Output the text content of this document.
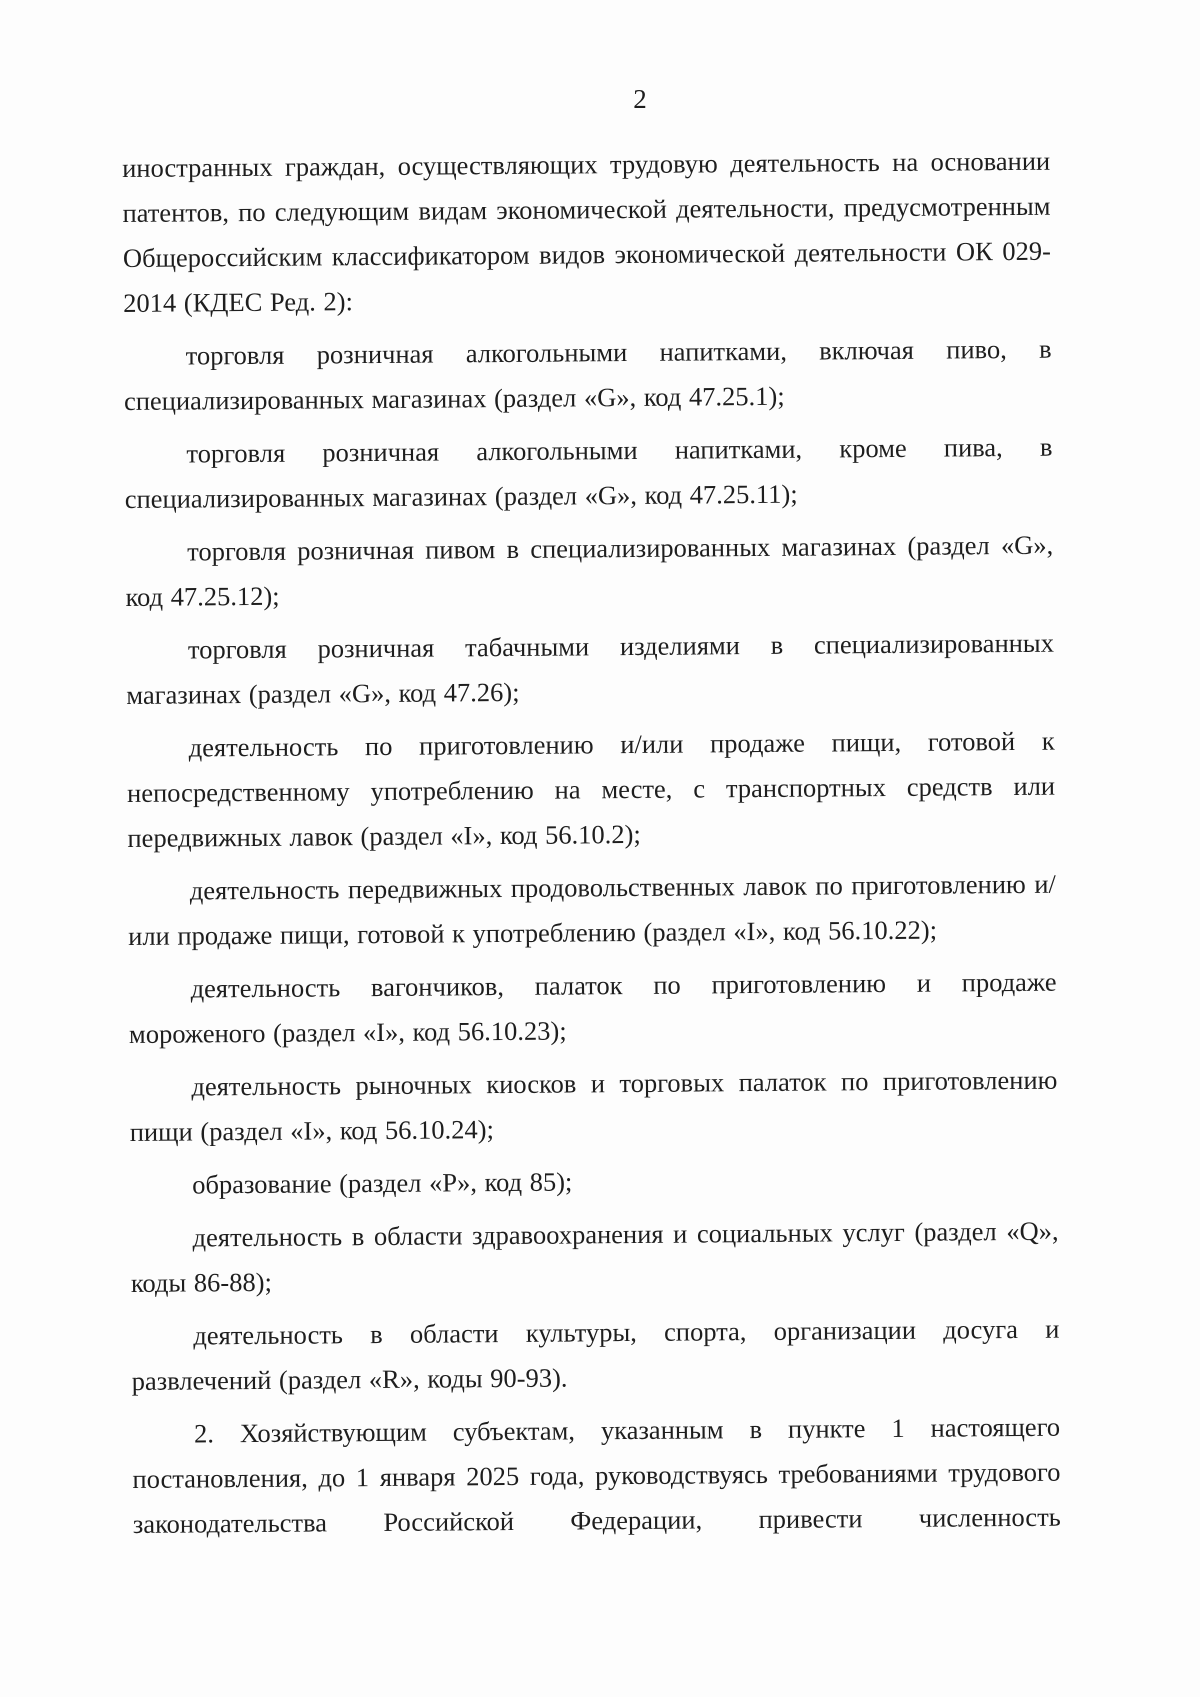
2

иностранных граждан, осуществляющих трудовую деятельность на основании патентов, по следующим видам экономической деятельности, предусмотренным Общероссийским классификатором видов экономической деятельности ОК 029-2014 (КДЕС Ред. 2):

торговля розничная алкогольными напитками, включая пиво, в специализированных магазинах (раздел «G», код 47.25.1);

торговля розничная алкогольными напитками, кроме пива, в специализированных магазинах (раздел «G», код 47.25.11);

торговля розничная пивом в специализированных магазинах (раздел «G», код 47.25.12);

торговля розничная табачными изделиями в специализированных магазинах (раздел «G», код 47.26);

деятельность по приготовлению и/или продаже пищи, готовой к непосредственному употреблению на месте, с транспортных средств или передвижных лавок (раздел «I», код 56.10.2);

деятельность передвижных продовольственных лавок по приготовлению и/или продаже пищи, готовой к употреблению (раздел «I», код 56.10.22);

деятельность вагончиков, палаток по приготовлению и продаже мороженого (раздел «I», код 56.10.23);

деятельность рыночных киосков и торговых палаток по приготовлению пищи (раздел «I», код 56.10.24);

образование (раздел «P», код 85);

деятельность в области здравоохранения и социальных услуг (раздел «Q», коды 86-88);

деятельность в области культуры, спорта, организации досуга и развлечений (раздел «R», коды 90-93).

2. Хозяйствующим субъектам, указанным в пункте 1 настоящего постановления, до 1 января 2025 года, руководствуясь требованиями трудового законодательства Российской Федерации, привести численность
